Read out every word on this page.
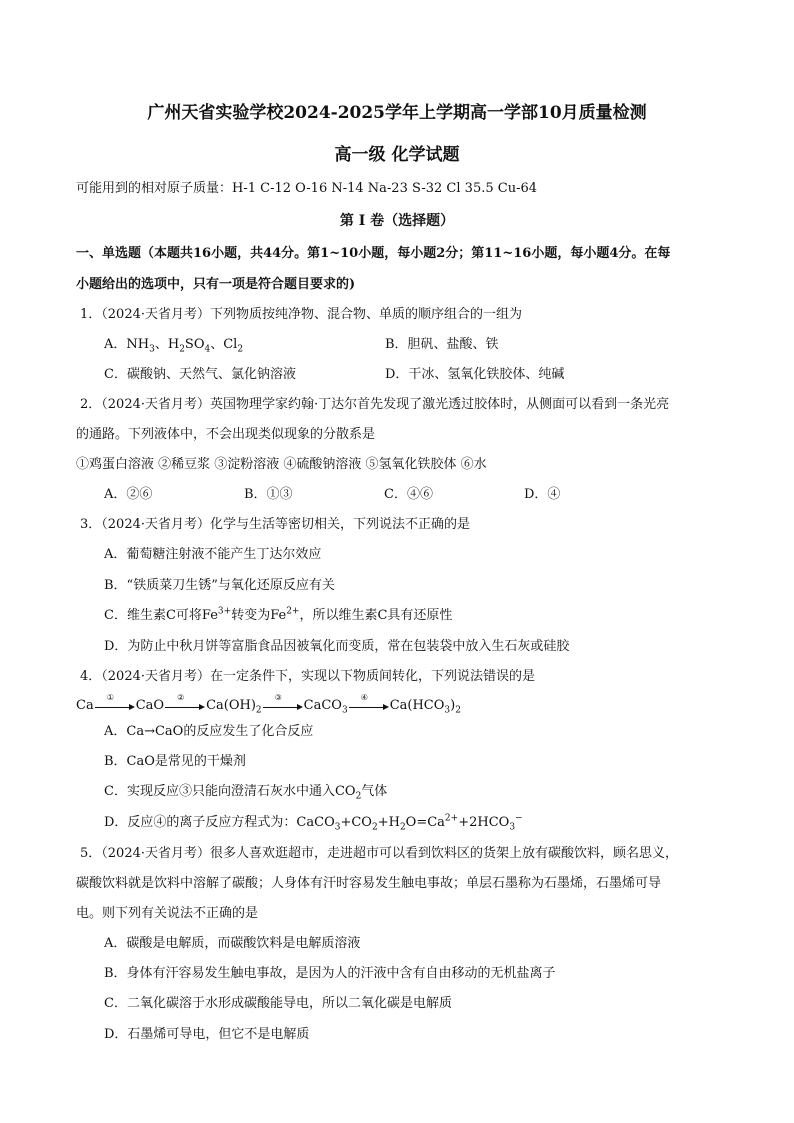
广州天省实验学校2024-2025学年上学期高一学部10月质量检测
高一级 化学试题
可能用到的相对原子质量：H-1 C-12 O-16 N-14 Na-23 S-32 Cl 35.5 Cu-64
第 I 卷（选择题）
一、单选题（本题共16小题，共44分。第1~10小题，每小题2分；第11~16小题，每小题4分。在每
小题给出的选项中，只有一项是符合题目要求的)
1．（2024·天省月考）下列物质按纯净物、混合物、单质的顺序组合的一组为
A．$NH_3$、$H_2SO_4$、$Cl_2$	B．胆矾、盐酸、铁
C．碳酸钠、天然气、氯化钠溶液	D．干冰、氢氧化铁胶体、纯碱
2．（2024·天省月考）英国物理学家约翰·丁达尔首先发现了激光透过胶体时，从侧面可以看到一条光亮
的通路。下列液体中，不会出现类似现象的分散系是
①鸡蛋白溶液 ②稀豆浆 ③淀粉溶液 ④硫酸钠溶液 ⑤氢氧化铁胶体 ⑥水
A．②⑥	B．①③	C．④⑥	D．④
3．（2024·天省月考）化学与生活等密切相关，下列说法不正确的是
A．葡萄糖注射液不能产生丁达尔效应
B．“铁质菜刀生锈”与氧化还原反应有关
C．维生素C可将$Fe^{3+}$转变为$Fe^{2+}$，所以维生素C具有还原性
D．为防止中秋月饼等富脂食品因被氧化而变质，常在包装袋中放入生石灰或硅胶
4．（2024·天省月考）在一定条件下，实现以下物质间转化，下列说法错误的是
Ca
①
CaO
②
$Ca(OH)_2$
③
CaCO$_3$
④
$Ca(HCO_3)_2$
A．Ca→CaO的反应发生了化合反应
B．CaO是常见的干燥剂
C．实现反应③只能向澄清石灰水中通入$CO_2$气体
D．反应④的离子反应方程式为：$CaCO_3+CO_2+H_2O=Ca^{2+}+2HCO_3^-$
5．（2024·天省月考）很多人喜欢逛超市，走进超市可以看到饮料区的货架上放有碳酸饮料，顾名思义，
碳酸饮料就是饮料中溶解了碳酸；人身体有汗时容易发生触电事故；单层石墨称为石墨烯，石墨烯可导
电。则下列有关说法不正确的是
A．碳酸是电解质，而碳酸饮料是电解质溶液
B．身体有汗容易发生触电事故，是因为人的汗液中含有自由移动的无机盐离子
C．二氧化碳溶于水形成碳酸能导电，所以二氧化碳是电解质
D．石墨烯可导电，但它不是电解质
